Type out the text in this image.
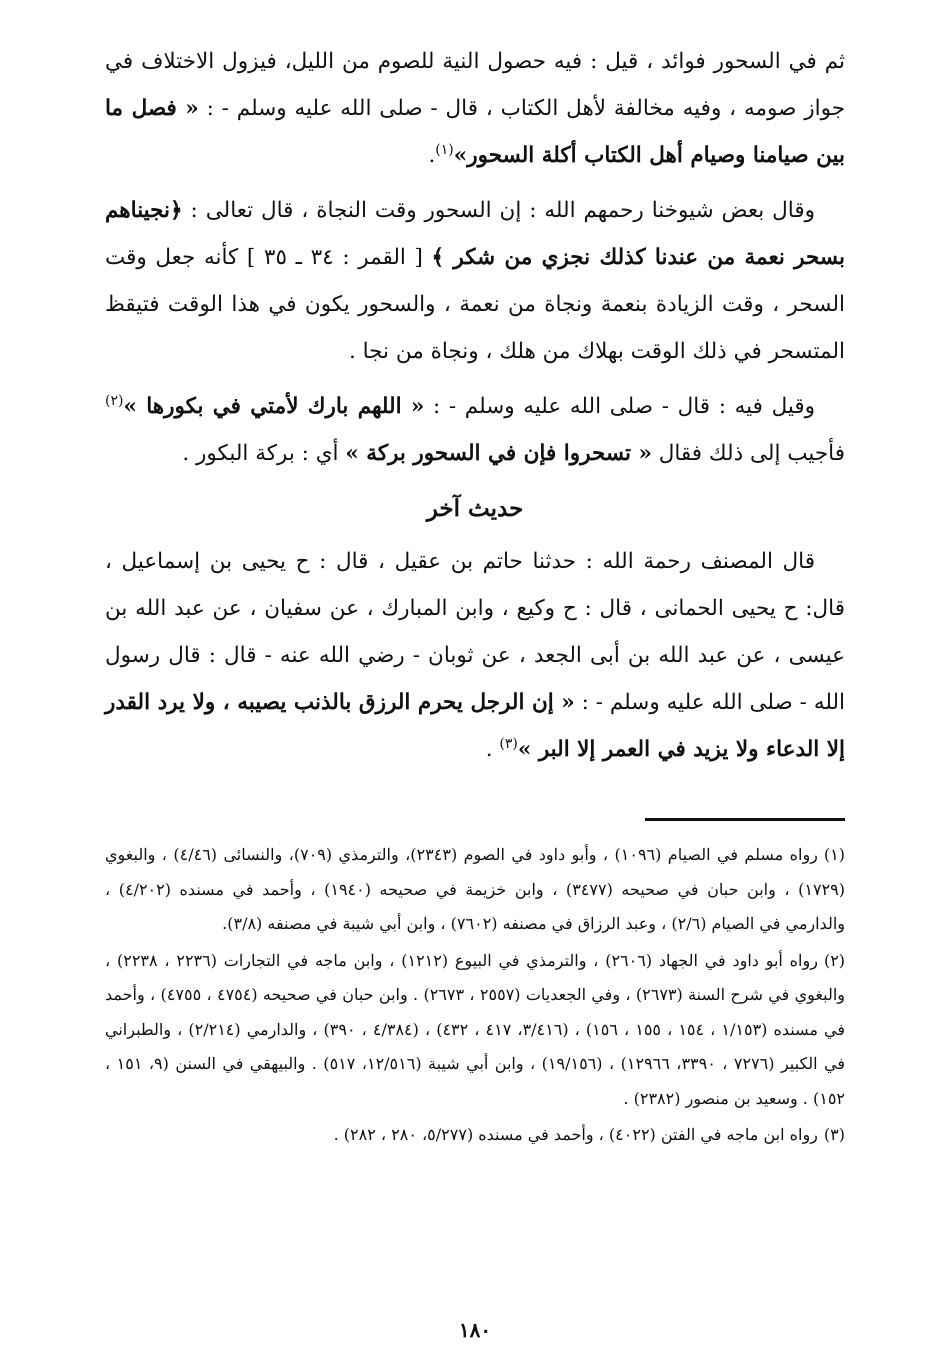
ثم في السحور فوائد ، قيل : فيه حصول النية للصوم من الليل، فيزول الاختلاف في جواز صومه ، وفيه مخالفة لأهل الكتاب ، قال - صلى الله عليه وسلم - : « فصل ما بين صيامنا وصيام أهل الكتاب أكلة السحور»$^{(١)}$.

وقال بعض شيوخنا رحمهم الله : إن السحور وقت النجاة ، قال تعالى : ﴿نجيناهم بسحر نعمة من عندنا كذلك نجزي من شكر ﴾ [ القمر : ٣٤ ـ ٣٥ ] كأنه جعل وقت السحر ، وقت الزيادة بنعمة ونجاة من نعمة ، والسحور يكون في هذا الوقت فتيقظ المتسحر في ذلك الوقت بهلاك من هلك ، ونجاة من نجا .

وقيل فيه : قال - صلى الله عليه وسلم - : « اللهم بارك لأمتي في بكورها »$^{(٢)}$ فأجيب إلى ذلك فقال « تسحروا فإن في السحور بركة » أي : بركة البكور .

حديث آخر

قال المصنف رحمة الله : حدثنا حاتم بن عقيل ، قال : ح يحيى بن إسماعيل ، قال: ح يحيى الحمانى ، قال : ح وكيع ، وابن المبارك ، عن سفيان ، عن عبد الله بن عيسى ، عن عبد الله بن أبى الجعد ، عن ثوبان - رضي الله عنه - قال : قال رسول الله - صلى الله عليه وسلم - : « إن الرجل يحرم الرزق بالذنب يصيبه ، ولا يرد القدر إلا الدعاء ولا يزيد في العمر إلا البر »$^{(٣)}$ .

(١)رواه مسلم في الصيام (١٠٩٦) ، وأبو داود في الصوم (٢٣٤٣)، والترمذي (٧٠٩)، والنسائى (٤/٤٦) ، والبغوي (١٧٢٩) ، وابن حبان في صحيحه (٣٤٧٧) ، وابن خزيمة في صحيحه (١٩٤٠) ، وأحمد في مسنده (٤/٢٠٢) ، والدارمي في الصيام (٢/٦) ، وعبد الرزاق في مصنفه (٧٦٠٢) ، وابن أبي شيبة في مصنفه (٣/٨).

(٢)رواه أبو داود في الجهاد (٢٦٠٦) ، والترمذي في البيوع (١٢١٢) ، وابن ماجه في التجارات (٢٢٣٦ ، ٢٢٣٨) ، والبغوي في شرح السنة (٢٦٧٣) ، وفي الجعديات (٢٥٥٧ ، ٢٦٧٣) . وابن حبان في صحيحه (٤٧٥٤ ، ٤٧٥٥) ، وأحمد في مسنده (١/١٥٣ ، ١٥٤ ، ١٥٥ ، ١٥٦) ، (٣/٤١٦، ٤١٧ ، ٤٣٢) ، (٤/٣٨٤ ، ٣٩٠) ، والدارمي (٢/٢١٤) ، والطبراني في الكبير (٧٢٧٦ ، ٣٣٩٠، ١٢٩٦٦) ، (١٩/١٥٦) ، وابن أبي شيبة (١٢/٥١٦، ٥١٧) . والبيهقي في السنن (٩، ١٥١ ، ١٥٢) . وسعيد بن منصور (٢٣٨٢) .

(٣)رواه ابن ماجه في الفتن (٤٠٢٢) ، وأحمد في مسنده (٥/٢٧٧، ٢٨٠ ، ٢٨٢) .

١٨٠
